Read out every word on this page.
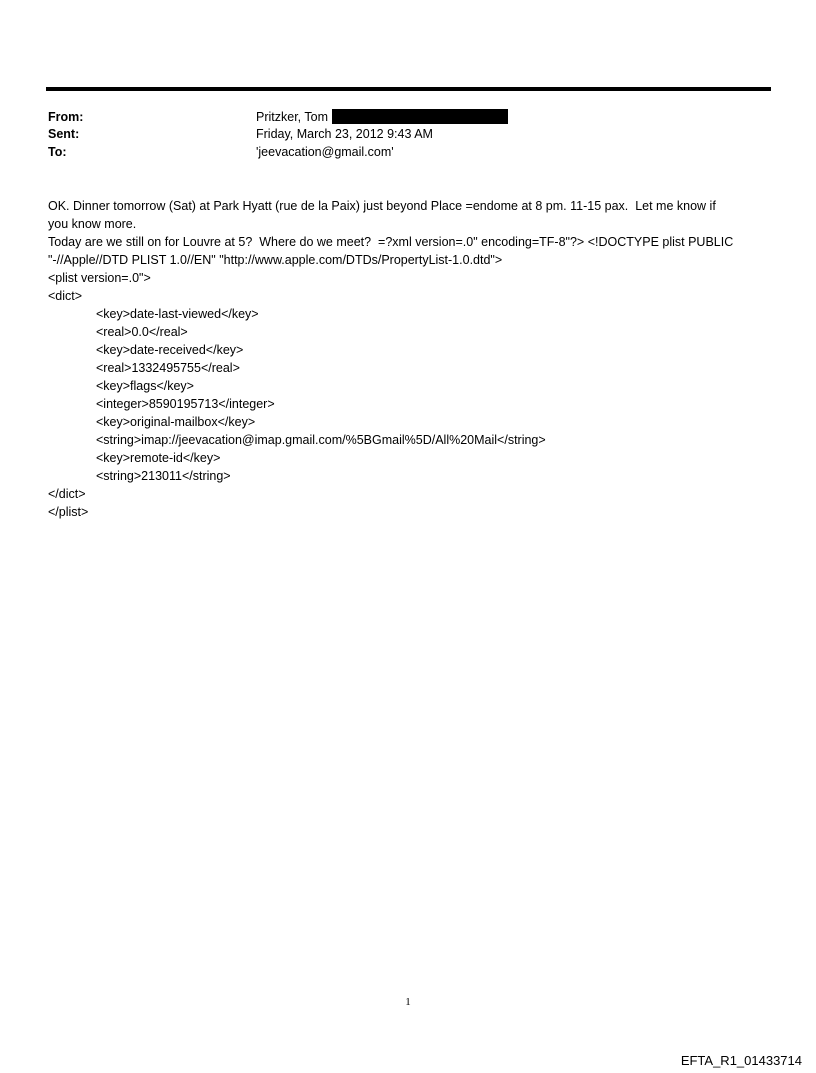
From:	Pritzker, Tom
Sent:	Friday, March 23, 2012 9:43 AM
To:	'jeevacation@gmail.com'
OK. Dinner tomorrow (Sat) at Park Hyatt (rue de la Paix) just beyond Place =endome at 8 pm. 11-15 pax.  Let me know if
you know more.
Today are we still on for Louvre at 5?  Where do we meet?  =?xml version=.0" encoding=TF-8"?> <!DOCTYPE plist PUBLIC
"-//Apple//DTD PLIST 1.0//EN" "http://www.apple.com/DTDs/PropertyList-1.0.dtd">
<plist version=.0">
<dict>
<key>date-last-viewed</key>
<real>0.0</real>
<key>date-received</key>
<real>1332495755</real>
<key>flags</key>
<integer>8590195713</integer>
<key>original-mailbox</key>
<string>imap://jeevacation@imap.gmail.com/%5BGmail%5D/All%20Mail</string>
<key>remote-id</key>
<string>213011</string>
</dict>
</plist>
1
EFTA_R1_01433714
